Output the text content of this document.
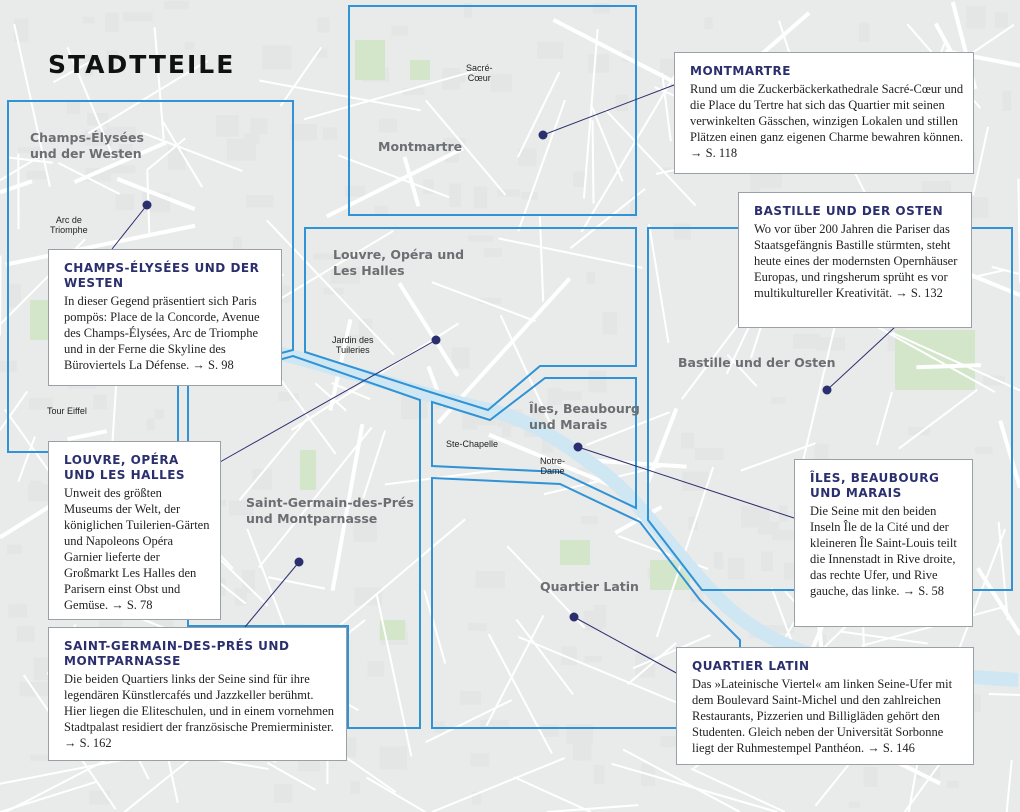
STADTTEILE
Montmartre
Sacré-
Cœur
Champs-Élysées
und der Westen
Arc de
Triomphe
Louvre, Opéra und
Les Halles
Jardin des
Tuileries
Tour Eiffel
Bastille und der Osten
Îles, Beaubourg
und Marais
Ste-Chapelle
Notre-
Dame
Saint-Germain-des-Prés
und Montparnasse
Quartier Latin
MONTMARTRE

Rund um die Zuckerbäckerkathedrale Sacré-Cœur und die Place du Tertre hat sich das Quartier mit seinen verwinkelten Gässchen, winzigen Lokalen und stillen Plätzen einen ganz eigenen Charme bewahren können. → S. 118

CHAMPS-ÉLYSÉES UND DER WESTEN

In dieser Gegend präsentiert sich Paris pompös: Place de la Concorde, Avenue des Champs-Élysées, Arc de Triomphe und in der Ferne die Skyline des Büroviertels La Défense. → S. 98

BASTILLE UND DER OSTEN

Wo vor über 200 Jahren die Pariser das Staatsgefängnis Bastille stürmten, steht heute eines der modernsten Opernhäuser Europas, und ringsherum sprüht es vor multikultureller Kreativität. → S. 132

LOUVRE, OPÉRA UND LES HALLES

Unweit des größten Museums der Welt, der königlichen Tuilerien-Gärten und Napoleons Opéra Garnier lieferte der Großmarkt Les Halles den Parisern einst Obst und Gemüse. → S. 78

ÎLES, BEAUBOURG UND MARAIS

Die Seine mit den beiden Inseln Île de la Cité und der kleineren Île Saint-Louis teilt die Innenstadt in Rive droite, das rechte Ufer, und Rive gauche, das linke. → S. 58

SAINT-GERMAIN-DES-PRÉS UND MONTPARNASSE

Die beiden Quartiers links der Seine sind für ihre legendären Künstlercafés und Jazzkeller berühmt. Hier liegen die Eliteschulen, und in einem vornehmen Stadtpalast residiert der französische Premierminister. → S. 162

QUARTIER LATIN

Das »Lateinische Viertel« am linken Seine-Ufer mit dem Boulevard Saint-Michel und den zahlreichen Restaurants, Pizzerien und Billigläden gehört den Studenten. Gleich neben der Universität Sorbonne liegt der Ruhmestempel Panthéon. → S. 146
